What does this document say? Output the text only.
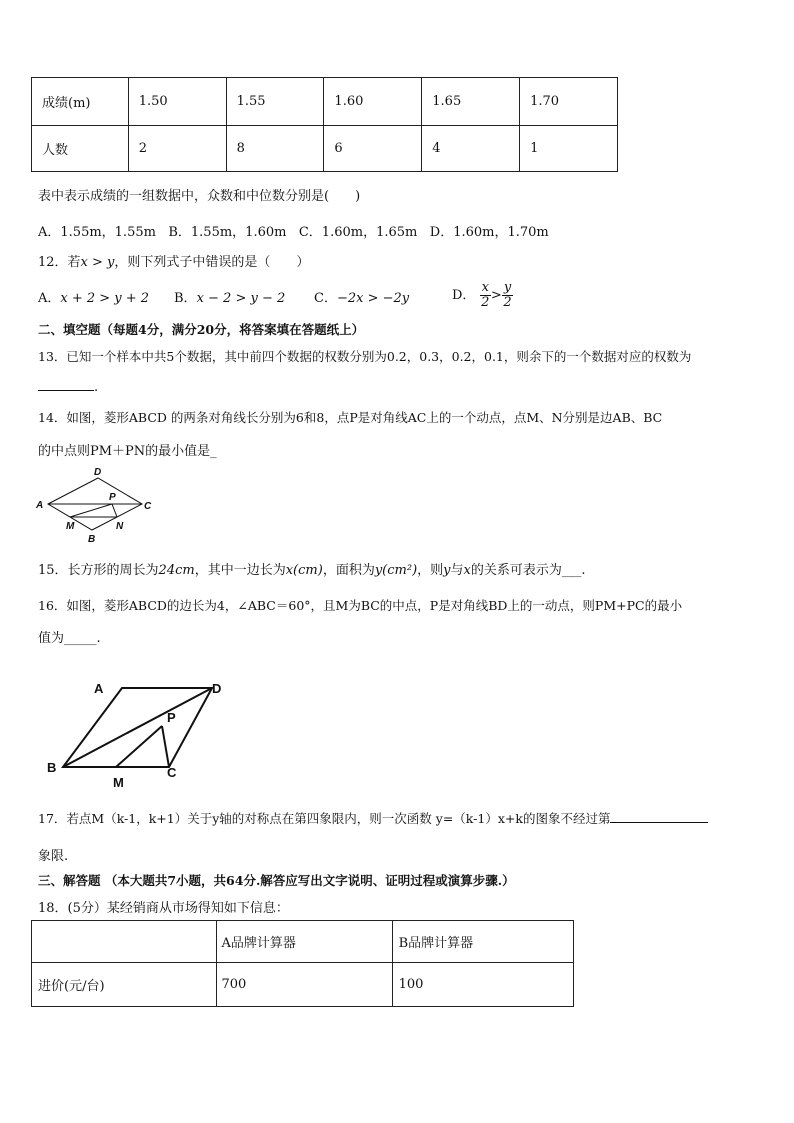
成绩(m)	1.50	1.55	1.60	1.65	1.70
人数	2	8	6	4	1
表中表示成绩的一组数据中，众数和中位数分别是(　　)
A．1.55m，1.55m B．1.55m，1.60m C．1.60m，1.65m D．1.60m，1.70m
12．若x > y，则下列式子中错误的是（　　）
A．x + 2 > y + 2 B．x − 2 > y − 2 C．−2x > −2y	D． $\frac{x}{2} > \frac{y}{2}$
二、填空题（每题4分，满分20分，将答案填在答题纸上）
13．已知一个样本中共5个数据，其中前四个数据的权数分别为0.2，0.3，0.2，0.1，则余下的一个数据对应的权数为
.
14．如图，菱形ABCD 的两条对角线长分别为6和8，点P是对角线AC上的一个动点，点M、N分别是边AB、BC
的中点则PM＋PN的最小值是_
A
D
C
P
M	N
B
15．长方形的周长为24cm，其中一边长为x(cm)，面积为y(cm²)，则y与x的关系可表示为___.
16．如图，菱形ABCD的边长为4，∠ABC＝60°，且M为BC的中点，P是对角线BD上的一动点，则PM+PC的最小
值为_____.
A	D
P
B	C
M
17．若点M（k-1，k+1）关于y轴的对称点在第四象限内，则一次函数 y=（k-1）x+k的图象不经过第
象限.
三、解答题 （本大题共7小题，共64分.解答应写出文字说明、证明过程或演算步骤.）
18．(5分）某经销商从市场得知如下信息：
	A品牌计算器	B品牌计算器
进价(元/台)	700	100
